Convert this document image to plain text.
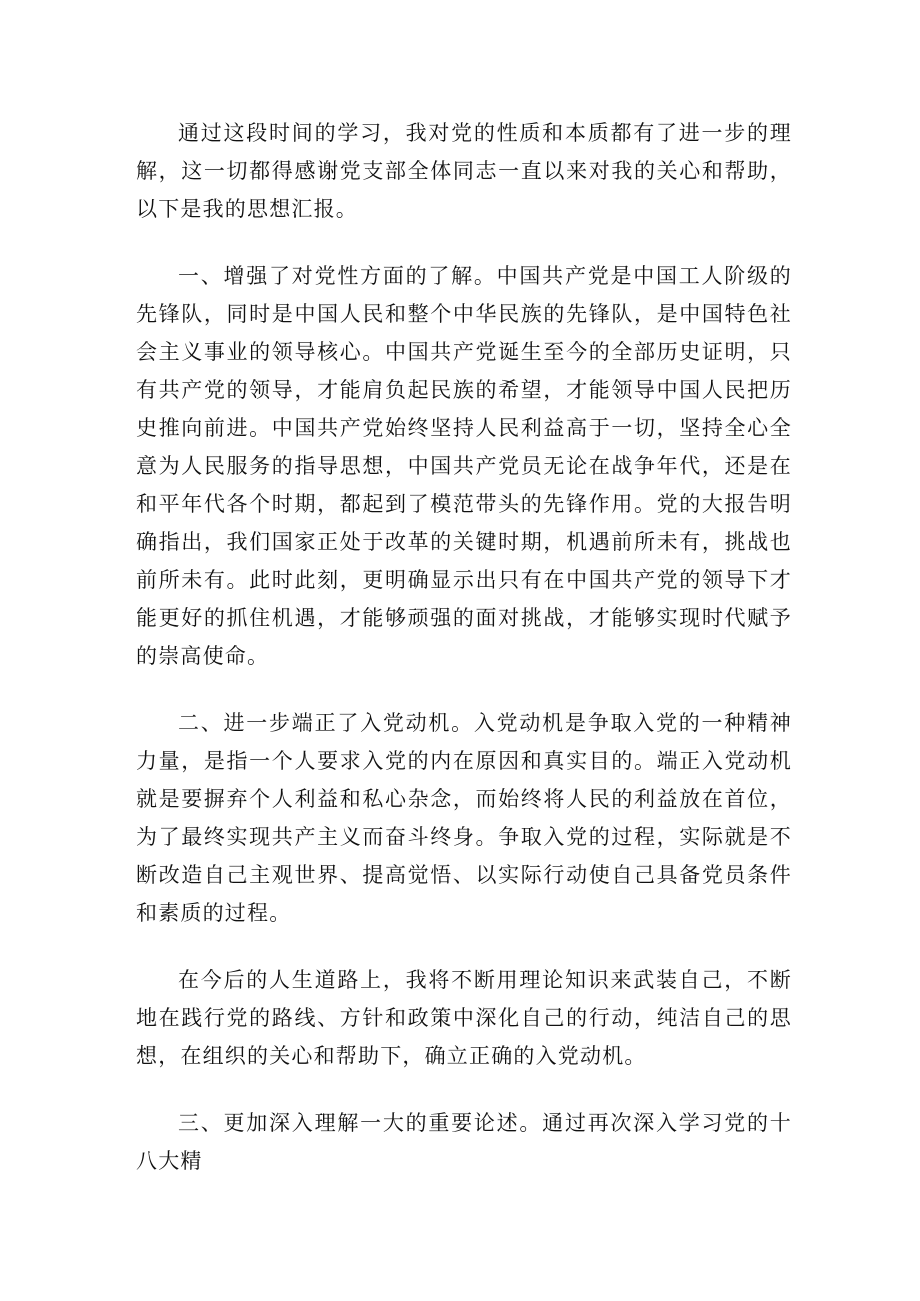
通过这段时间的学习，我对党的性质和本质都有了进一步的理解，这一切都得感谢党支部全体同志一直以来对我的关心和帮助，以下是我的思想汇报。

一、增强了对党性方面的了解。中国共产党是中国工人阶级的先锋队，同时是中国人民和整个中华民族的先锋队，是中国特色社会主义事业的领导核心。中国共产党诞生至今的全部历史证明，只有共产党的领导，才能肩负起民族的希望，才能领导中国人民把历史推向前进。中国共产党始终坚持人民利益高于一切，坚持全心全意为人民服务的指导思想，中国共产党员无论在战争年代，还是在和平年代各个时期，都起到了模范带头的先锋作用。党的大报告明确指出，我们国家正处于改革的关键时期，机遇前所未有，挑战也前所未有。此时此刻，更明确显示出只有在中国共产党的领导下才能更好的抓住机遇，才能够顽强的面对挑战，才能够实现时代赋予的崇高使命。

二、进一步端正了入党动机。入党动机是争取入党的一种精神力量，是指一个人要求入党的内在原因和真实目的。端正入党动机就是要摒弃个人利益和私心杂念，而始终将人民的利益放在首位，为了最终实现共产主义而奋斗终身。争取入党的过程，实际就是不断改造自己主观世界、提高觉悟、以实际行动使自己具备党员条件和素质的过程。

在今后的人生道路上，我将不断用理论知识来武装自己，不断地在践行党的路线、方针和政策中深化自己的行动，纯洁自己的思想，在组织的关心和帮助下，确立正确的入党动机。

三、更加深入理解一大的重要论述。通过再次深入学习党的十八大精
